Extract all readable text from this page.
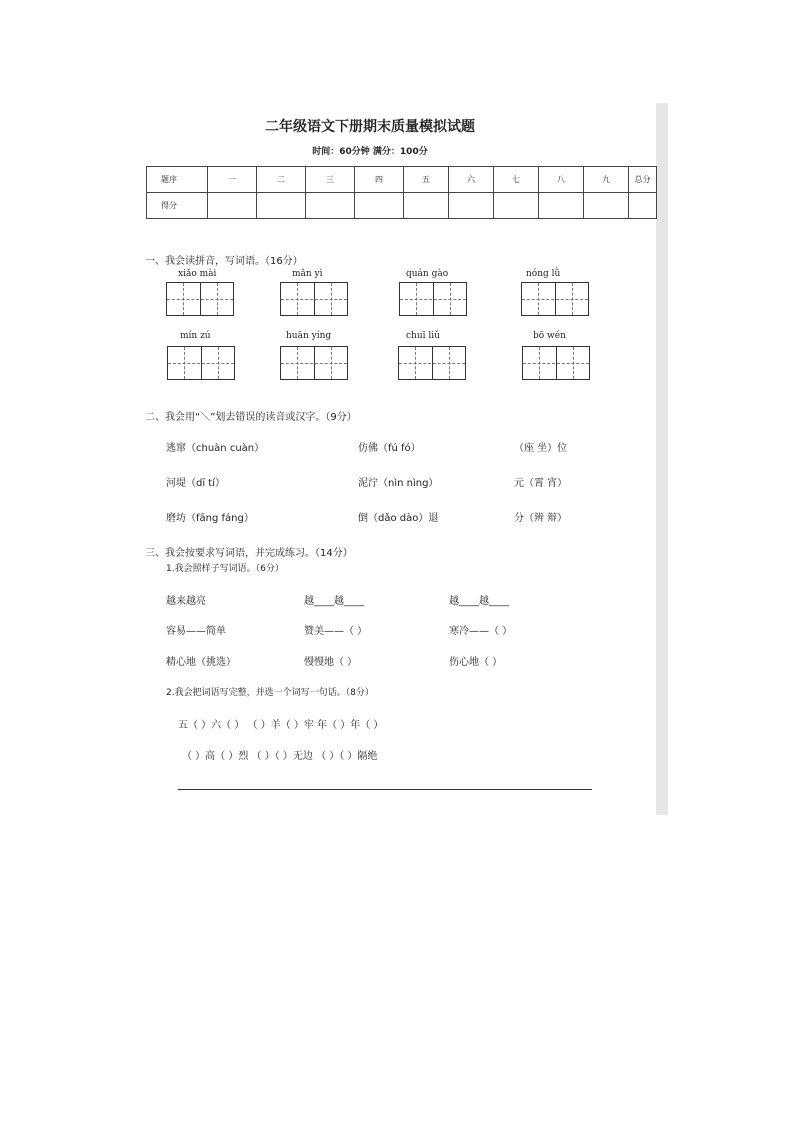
二年级语文下册期末质量模拟试题
时间：60分钟 满分：100分
题序	一	二	三	四	五	六	七	八	九	总分
得分										
一、我会读拼音，写词语。（16分）
xiǎo mài	mǎn yì	quán gào	nóng lǜ
mín zú	huān yíng	chuī liǔ	bō wén
二、我会用“＼”划去错误的读音或汉字。（9分）
逃窜（chuàn cuàn）	仿佛（fú fó）	（座 坐）位
河堤（dī tí）	泥泞（nìn nìng）	元（霄 宵）
磨坊（fāng fáng）	倒（dǎo dào）退	分（辨 辩）
三、我会按要求写词语，并完成练习。（14分）
1.我会照样子写词语。（6分）
越来越亮	越____越____	越____越____
容易——简单	赞美——（ ）	寒冷——（ ）
精心地（挑选）	慢慢地（ ）	伤心地（ ）
2.我会把词语写完整，并选一个词写一句话。（8分）
五（ ）六（ ） （ ）羊（ ）牢 年（ ）年（ ）
（ ）高（ ）烈 （ ）（ ）无边 （ ）（ ）隔绝
